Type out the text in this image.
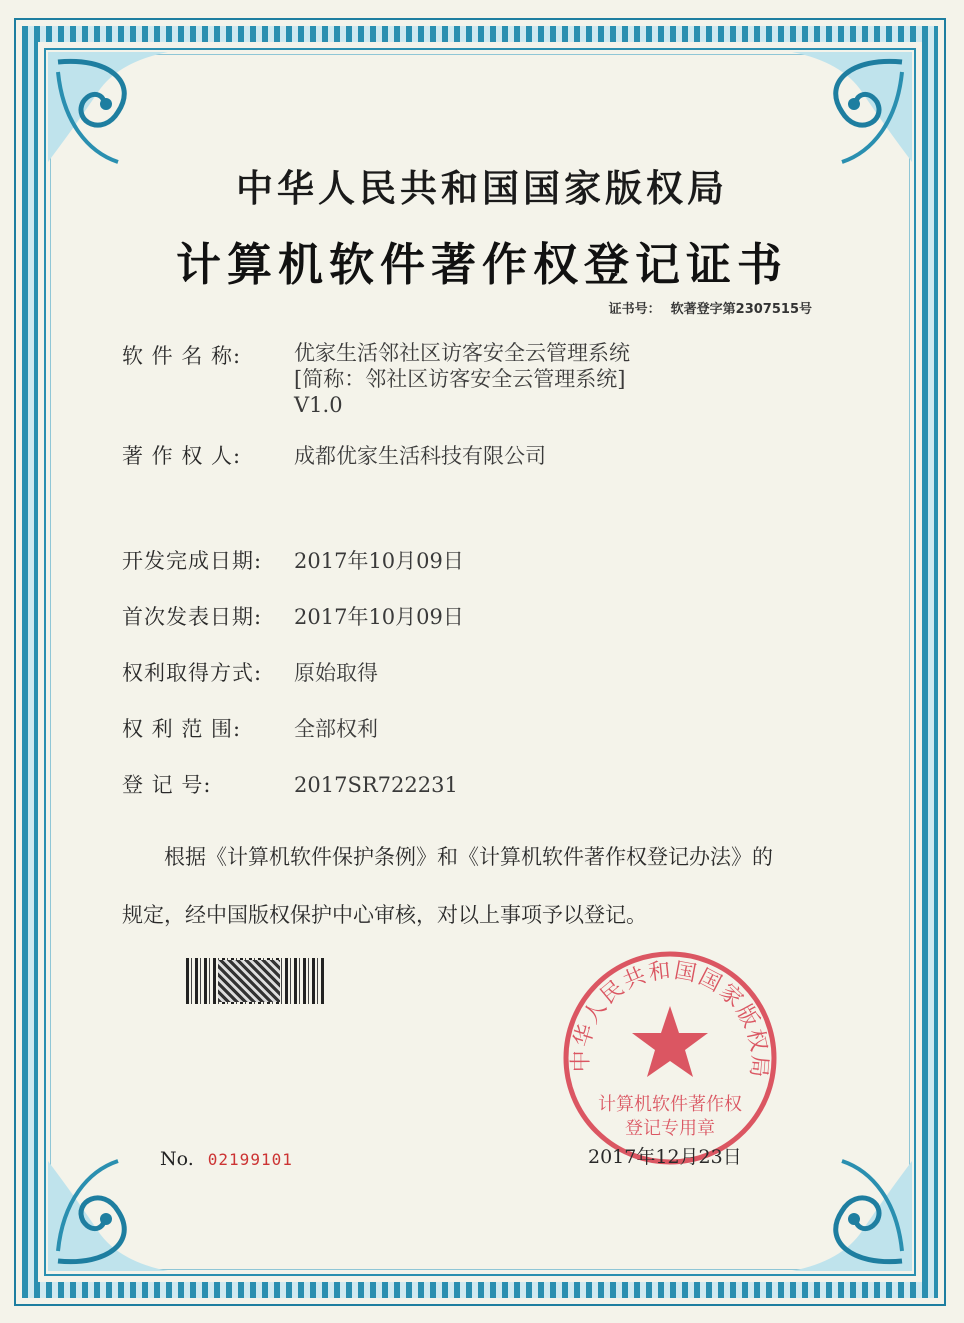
中华人民共和国国家版权局
计算机软件著作权登记证书
证书号： 软著登字第2307515号
软 件 名 称:	优家生活邻社区访客安全云管理系统
[简称：邻社区访客安全云管理系统]
V1.0
著 作 权 人:	成都优家生活科技有限公司
开发完成日期: 2017年10月09日
首次发表日期: 2017年10月09日
权利取得方式: 原始取得
权 利 范 围:	全部权利
登 记 号:	2017SR722231
根据《计算机软件保护条例》和《计算机软件著作权登记办法》的
规定，经中国版权保护中心审核，对以上事项予以登记。
No. 02199101
中华人民共和国国家版权局
计算机软件著作权
登记专用章
2017年12月23日
